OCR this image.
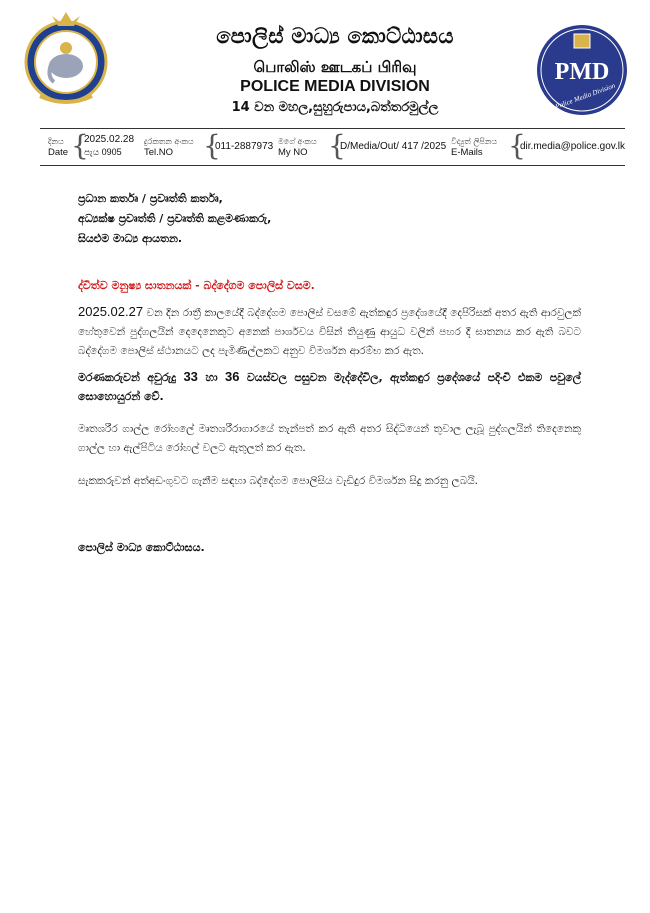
පොලිස් මාධ්‍ය කොට්ඨාසය
பொலிஸ் ஊடகப் பிரிவு
POLICE MEDIA DIVISION
14 වන මහල,සුහුරුපාය,බත්තරමුල්ල
PMD
Police Media Division
දිනය
Date {
2025.02.28
පැය 0905
දුරකතන අංකය
Tel.NO	{
011-2887973 මගේ අංකය
My NO {
D/Media/Out/ 417 /2025 විද්‍යුත් ලිපිනය
E-Mails {
dir.media@police.gov.lk
ප්‍රධාන කර්තෘ / ප්‍රවෘත්ති කර්තෘ,
අධ්‍යක්ෂ ප්‍රවෘත්ති / ප්‍රවෘත්ති කළමණාකරු,
සියළුම මාධ්‍ය ආයතන.
ද්විත්ව මනුෂ්‍ය ඝාතනයක් - බද්දේගම පොලිස් වසම.
2025.02.27 වන දින රාත්‍රී කාලයේදී බද්දේගම පොලිස් වසමේ ඇත්කඳුර ප්‍රදේශයේදී දෙපිරිසක් අතර ඇති ආරවුලක් හේතුවෙන් පුද්ගලයින් දෙදෙනෙකුට අනෙක් පාර්ශවය විසින් තියුණු ආයුධ වලින් පහර දී ඝාතනය කර ඇති බවට බද්දේගම පොලිස් ස්ථානයට ලද පැමිණිල්ලකට අනුව විමර්ශන ආරම්භ කර ඇත.
මරණකරුවන් අවුරුදු 33 හා 36 වයස්වල පසුවන මැද්දේවිල, ඇත්කඳුර ප්‍රදේශයේ පදිංචි එකම පවුලේ සොහොයුරන් වේ.
මෘතශරීර ගාල්ල රෝහලේ මෘතශරීරාගාරයේ තැන්පත් කර ඇති අතර සිද්ධියෙන් තුවාල ලැබූ පුද්ගලයින් තිදෙනෙකු ගාල්ල හා ඇල්පිටිය රෝහල් වලට ඇතුලත් කර ඇත.
සැකකරුවන් අත්අඩංගුවට ගැනීම සඳහා බද්දේගම පොලිසිය වැඩිදුර විමර්ශන සිදු කරනු ලබයි.
පොලිස් මාධ්‍ය කොට්ඨාසය.
